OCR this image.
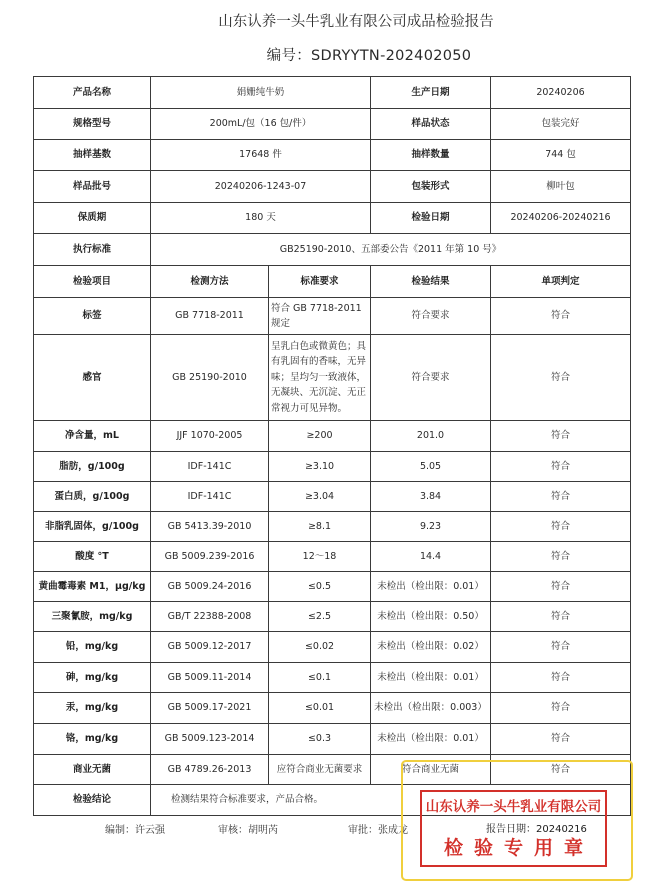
山东认养一头牛乳业有限公司成品检验报告
编号：SDRYYTN-202402050
产品名称	娟姗纯牛奶		生产日期	20240206
规格型号	200mL/包（16 包/件）		样品状态	包装完好
抽样基数	17648 件		抽样数量	744 包
样品批号	20240206-1243-07		包装形式	柳叶包
保质期	180 天		检验日期	20240206-20240216
执行标准	GB25190-2010、五部委公告《2011 年第 10 号》			
检验项目	检测方法	标准要求	检验结果	单项判定
标签	GB 7718-2011	符合 GB 7718-2011 规定	符合要求	符合
感官	GB 25190-2010	呈乳白色或微黄色；具有乳固有的香味，无异味；呈均匀一致液体，无凝块、无沉淀、无正常视力可见异物。	符合要求	符合
净含量，mL	JJF 1070-2005	≥200	201.0	符合
脂肪，g/100g	IDF-141C	≥3.10	5.05	符合
蛋白质，g/100g	IDF-141C	≥3.04	3.84	符合
非脂乳固体，g/100g	GB 5413.39-2010	≥8.1	9.23	符合
酸度 °T	GB 5009.239-2016	12～18	14.4	符合
黄曲霉毒素 M1，μg/kg	GB 5009.24-2016	≤0.5	未检出（检出限：0.01）	符合
三聚氰胺，mg/kg	GB/T 22388-2008	≤2.5	未检出（检出限：0.50）	符合
铅，mg/kg	GB 5009.12-2017	≤0.02	未检出（检出限：0.02）	符合
砷，mg/kg	GB 5009.11-2014	≤0.1	未检出（检出限：0.01）	符合
汞，mg/kg	GB 5009.17-2021	≤0.01	未检出（检出限：0.003）	符合
铬，mg/kg	GB 5009.123-2014	≤0.3	未检出（检出限：0.01）	符合
商业无菌	GB 4789.26-2013	应符合商业无菌要求	符合商业无菌	符合
检验结论	检测结果符合标准要求，产品合格。			
编制：许云强	审核：胡明芮	审批：张成龙
山东认养一头牛乳业有限公司
检验专用章
报告日期：20240216
